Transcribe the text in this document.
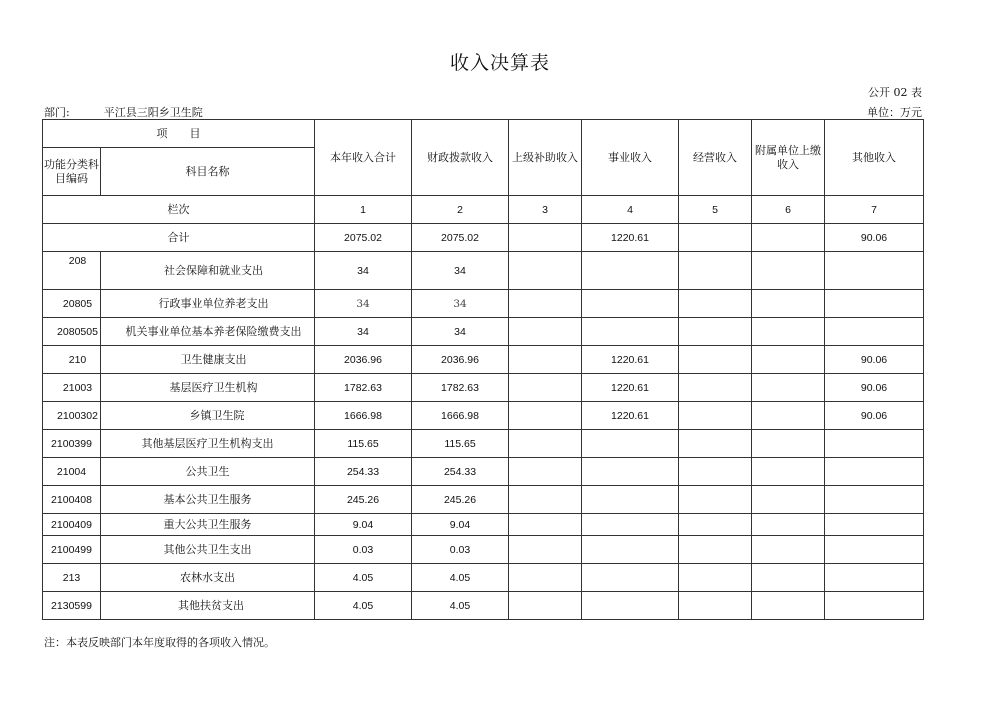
收入决算表
公开 02 表
部门:	平江县三阳乡卫生院	单位：万元
项　　目		本年收入合计	财政拨款收入	上级补助收入	事业收入	经营收入	附属单位上缴收入	其他收入
功能分类科目编码	科目名称							
栏次		1	2	3	4	5	6	7
合计		2075.02	2075.02		1220.61			90.06
208	社会保障和就业支出	34	34					
20805	行政事业单位养老支出	34	34					
2080505	机关事业单位基本养老保险缴费支出	34	34					
210	卫生健康支出	2036.96	2036.96		1220.61			90.06
21003	基层医疗卫生机构	1782.63	1782.63		1220.61			90.06
2100302	乡镇卫生院	1666.98	1666.98		1220.61			90.06
2100399	其他基层医疗卫生机构支出	115.65	115.65					
21004	公共卫生	254.33	254.33					
2100408	基本公共卫生服务	245.26	245.26					
2100409	重大公共卫生服务	9.04	9.04					
2100499	其他公共卫生支出	0.03	0.03					
213	农林水支出	4.05	4.05					
2130599	其他扶贫支出	4.05	4.05					
注：本表反映部门本年度取得的各项收入情况。
